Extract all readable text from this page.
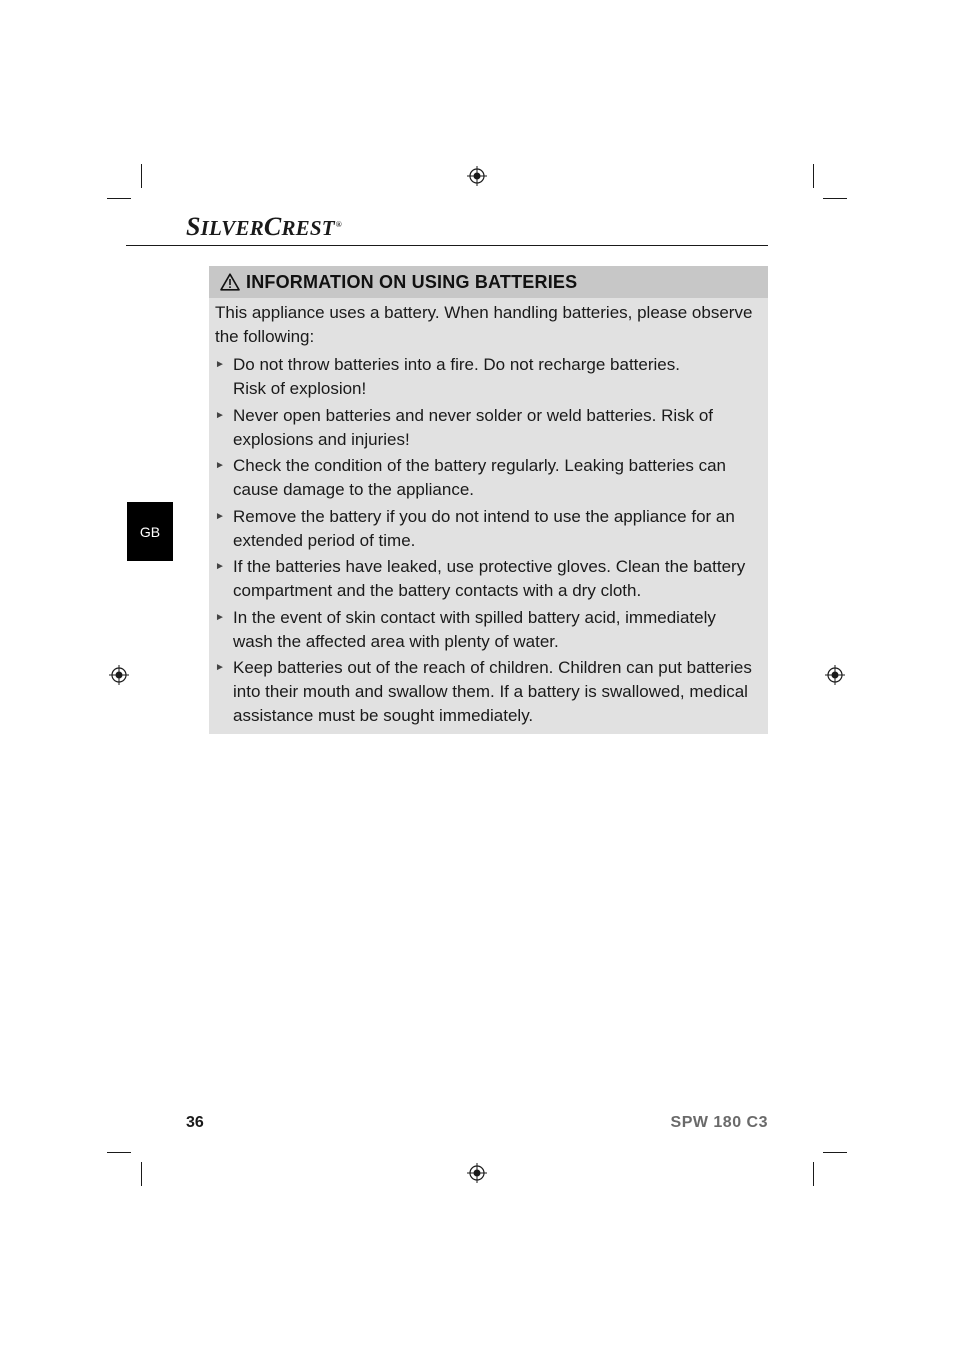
SILVERCREST®
GB
INFORMATION ON USING BATTERIES

This appliance uses a battery. When handling batteries, please observe the following:

► Do not throw batteries into a fire. Do not recharge batteries.
Risk of explosion!
► Never open batteries and never solder or weld batteries. Risk of explosions and injuries!
► Check the condition of the battery regularly. Leaking batteries can cause damage to the appliance.
► Remove the battery if you do not intend to use the appliance for an extended period of time.
► If the batteries have leaked, use protective gloves. Clean the battery compartment and the battery contacts with a dry cloth.
► In the event of skin contact with spilled battery acid, immediately wash the affected area with plenty of water.
► Keep batteries out of the reach of children. Children can put batteries into their mouth and swallow them. If a battery is swallowed, medical assistance must be sought immediately.
36	SPW 180 C3
